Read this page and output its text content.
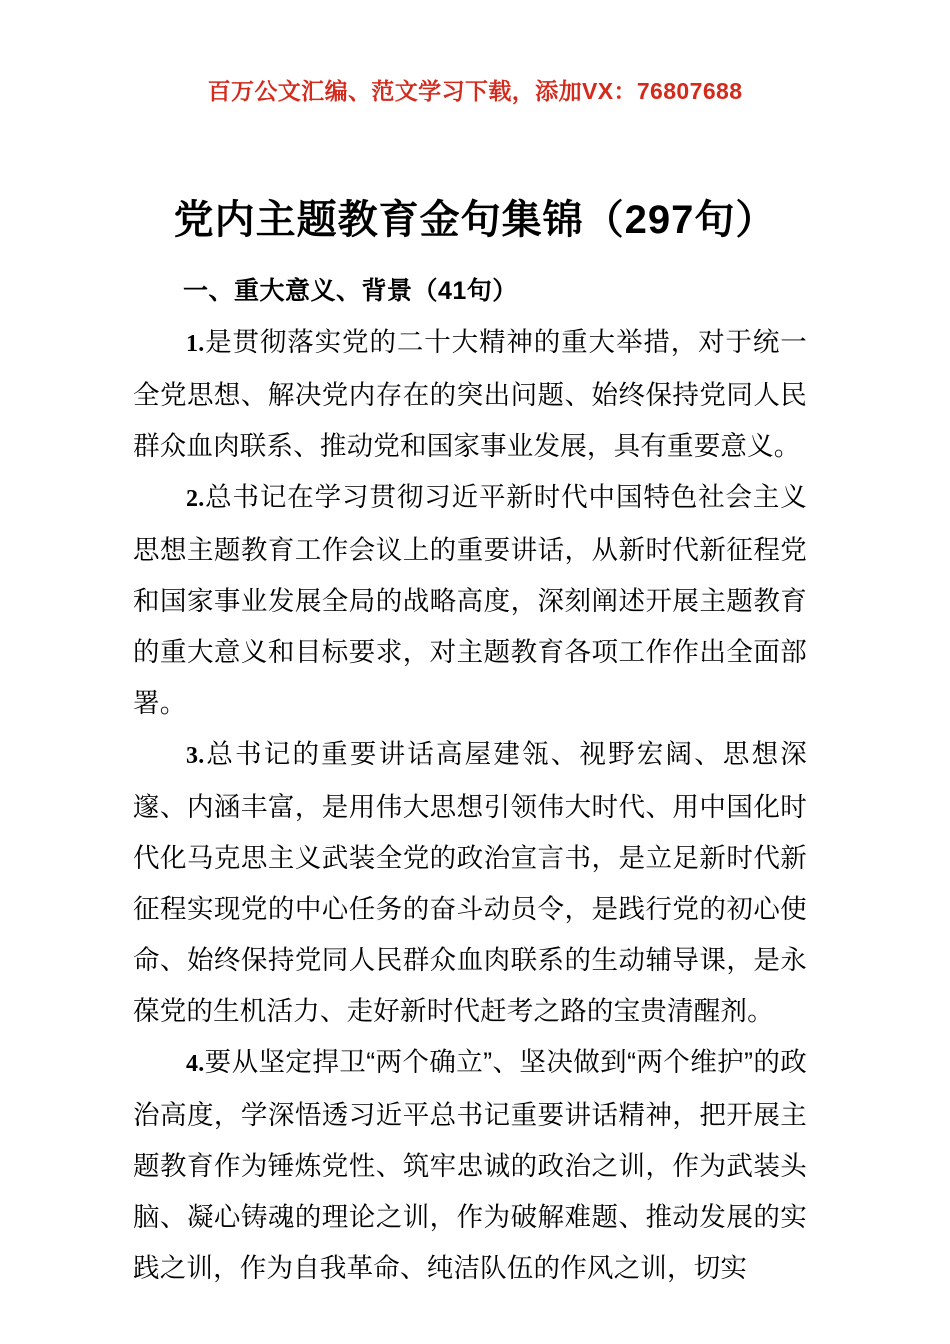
百万公文汇编、范文学习下载，添加VX：76807688
党内主题教育金句集锦（297句）
一、重大意义、背景（41句）

1.是贯彻落实党的二十大精神的重大举措，对于统一全党思想、解决党内存在的突出问题、始终保持党同人民群众血肉联系、推动党和国家事业发展，具有重要意义。

2.总书记在学习贯彻习近平新时代中国特色社会主义思想主题教育工作会议上的重要讲话，从新时代新征程党和国家事业发展全局的战略高度，深刻阐述开展主题教育的重大意义和目标要求，对主题教育各项工作作出全面部署。

3.总书记的重要讲话高屋建瓴、视野宏阔、思想深邃、内涵丰富，是用伟大思想引领伟大时代、用中国化时代化马克思主义武装全党的政治宣言书，是立足新时代新征程实现党的中心任务的奋斗动员令，是践行党的初心使命、始终保持党同人民群众血肉联系的生动辅导课，是永葆党的生机活力、走好新时代赶考之路的宝贵清醒剂。

4.要从坚定捍卫“两个确立”、坚决做到“两个维护”的政治高度，学深悟透习近平总书记重要讲话精神，把开展主题教育作为锤炼党性、筑牢忠诚的政治之训，作为武装头脑、凝心铸魂的理论之训，作为破解难题、推动发展的实践之训，作为自我革命、纯洁队伍的作风之训，切实
